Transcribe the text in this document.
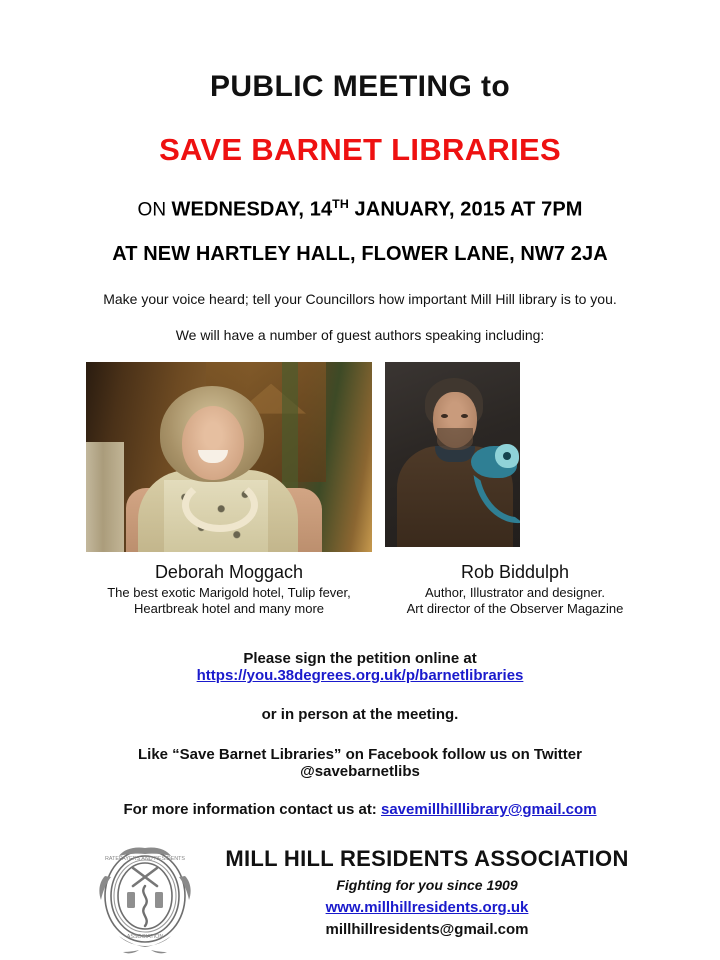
PUBLIC MEETING to
SAVE BARNET LIBRARIES
ON WEDNESDAY, 14TH JANUARY, 2015 AT 7PM
AT NEW HARTLEY HALL, FLOWER LANE, NW7 2JA
Make your voice heard; tell your Councillors how important Mill Hill library is to you.
We will have a number of guest authors speaking including:
Deborah Moggach
The best exotic Marigold hotel, Tulip fever,
Heartbreak hotel and many more
Rob Biddulph
Author, Illustrator and designer.
Art director of the Observer Magazine
Please sign the petition online at
https://you.38degrees.org.uk/p/barnetlibraries
or in person at the meeting.
Like “Save Barnet Libraries” on Facebook follow us on Twitter
@savebarnetlibs
For more information contact us at: savemillhilllibrary@gmail.com
RATEPAYERS AND RESIDENTS
ASSOCIATION
MILL HILL RESIDENTS ASSOCIATION
Fighting for you since 1909
www.millhillresidents.org.uk
millhillresidents@gmail.com
